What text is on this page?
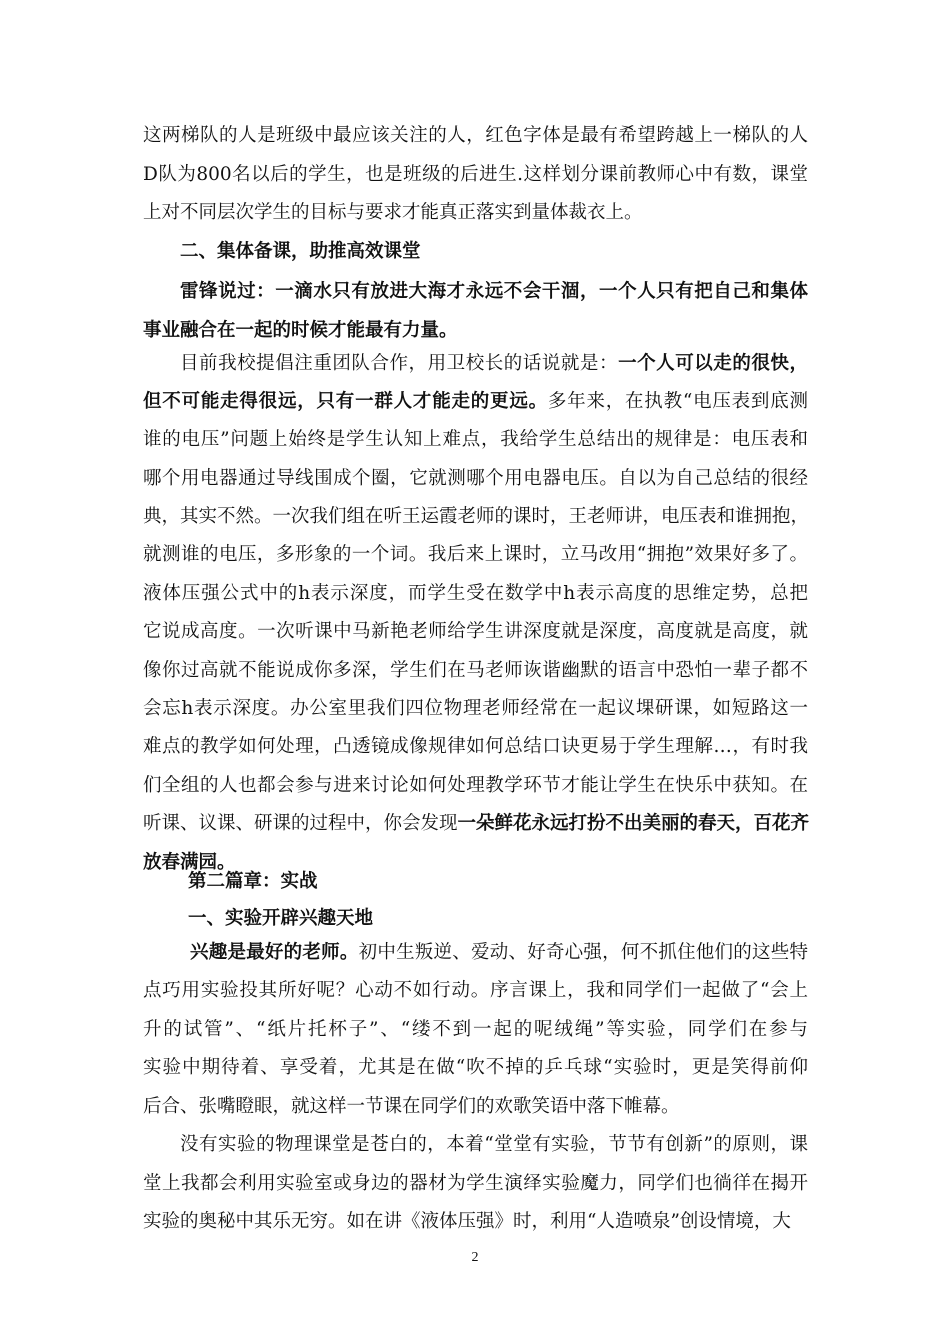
这两梯队的人是班级中最应该关注的人，红色字体是最有希望跨越上一梯队的人
D队为800名以后的学生，也是班级的后进生.这样划分课前教师心中有数，课堂
上对不同层次学生的目标与要求才能真正落实到量体裁衣上。
二、集体备课，助推高效课堂
雷锋说过：一滴水只有放进大海才永远不会干涸，一个人只有把自己和集体
事业融合在一起的时候才能最有力量。
目前我校提倡注重团队合作，用卫校长的话说就是：一个人可以走的很快，
但不可能走得很远，只有一群人才能走的更远。多年来，在执教“电压表到底测
谁的电压”问题上始终是学生认知上难点，我给学生总结出的规律是：电压表和
哪个用电器通过导线围成个圈，它就测哪个用电器电压。自以为自己总结的很经
典，其实不然。一次我们组在听王运霞老师的课时，王老师讲，电压表和谁拥抱，
就测谁的电压，多形象的一个词。我后来上课时，立马改用“拥抱”效果好多了。
液体压强公式中的h表示深度，而学生受在数学中h表示高度的思维定势，总把
它说成高度。一次听课中马新艳老师给学生讲深度就是深度，高度就是高度，就
像你过高就不能说成你多深，学生们在马老师诙谐幽默的语言中恐怕一辈子都不
会忘h表示深度。办公室里我们四位物理老师经常在一起议堁研课，如短路这一
难点的教学如何处理，凸透镜成像规律如何总结口诀更易于学生理解…，有时我
们全组的人也都会参与进来讨论如何处理教学环节才能让学生在快乐中获知。在
听课、议课、研课的过程中，你会发现一朵鲜花永远打扮不出美丽的春天，百花齐
放春满园。
第二篇章：实战
一、实验开辟兴趣天地
兴趣是最好的老师。初中生叛逆、爱动、好奇心强，何不抓住他们的这些特
点巧用实验投其所好呢？心动不如行动。序言课上，我和同学们一起做了“会上
升的试管”、“纸片托杯子”、“缕不到一起的呢绒绳”等实验，同学们在参与
实验中期待着、享受着，尤其是在做“吹不掉的乒乓球“实验时，更是笑得前仰
后合、张嘴瞪眼，就这样一节课在同学们的欢歌笑语中落下帷幕。
没有实验的物理课堂是苍白的，本着“堂堂有实验，节节有创新”的原则，课
堂上我都会利用实验室或身边的器材为学生演绎实验魔力，同学们也徜徉在揭开
实验的奥秘中其乐无穷。如在讲《液体压强》时，利用“人造喷泉”创设情境，大
2
